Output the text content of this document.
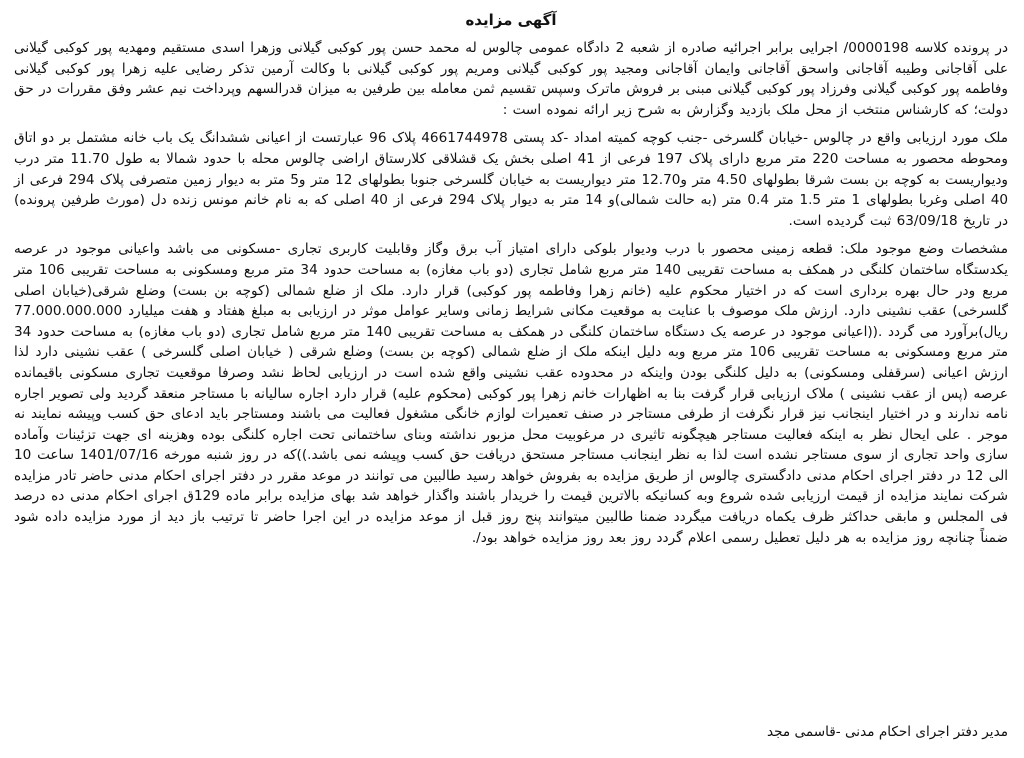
آگهی مزایده

در پرونده کلاسه 0000198/ اجرایی برابر اجرائیه صادره از شعبه 2 دادگاه عمومی چالوس له محمد حسن پور کوکبی گیلانی وزهرا اسدی مستقیم ومهدیه پور کوکبی گیلانی علی آقاجانی وطیبه آقاجانی واسحق آقاجانی وایمان آقاجانی ومجید پور کوکبی گیلانی ومریم پور کوکبی گیلانی با وکالت آرمین تذکر رضایی علیه زهرا پور کوکبی گیلانی وفاطمه پور کوکبی گیلانی وفرزاد پور کوکبی گیلانی مبنی بر فروش ماترک وسپس تقسیم ثمن معامله بین طرفین به میزان قدرالسهم وپرداخت نیم عشر وفق مقررات در حق دولت؛ که کارشناس منتخب از محل ملک بازدید وگزارش به شرح زیر ارائه نموده است :

ملک مورد ارزیابی واقع در چالوس -خیابان گلسرخی -جنب کوچه کمیته امداد -کد پستی 4661744978 پلاک 96 عبارتست از اعیانی ششدانگ یک باب خانه مشتمل بر دو اتاق ومحوطه محصور به مساحت 220 متر مربع دارای پلاک 197 فرعی از 41 اصلی بخش یک قشلاقی کلارستاق اراضی چالوس محله با حدود شمالا به طول 11.70 متر درب ودیواریست به کوچه بن بست شرقا بطولهای 4.50 متر و12.70 متر دیواریست به خیابان گلسرخی جنوبا بطولهای 12 متر و5 متر به دیوار زمین متصرفی پلاک 294 فرعی از 40 اصلی وغربا بطولهای 1 متر 1.5 متر 0.4 متر (به حالت شمالی)و 14 متر به دیوار پلاک 294 فرعی از 40 اصلی که به نام خانم مونس زنده دل (مورث طرفین پرونده) در تاریخ 63/09/18 ثبت گردیده است.

مشخصات وضع موجود ملک: قطعه زمینی محصور با درب ودیوار بلوکی دارای امتیاز آب برق وگاز وقابلیت کاربری تجاری -مسکونی می باشد واعیانی موجود در عرصه یکدستگاه ساختمان کلنگی در همکف به مساحت تقریبی 140 متر مربع شامل تجاری (دو باب مغازه) به مساحت حدود 34 متر مربع ومسکونی به مساحت تقریبی 106 متر مربع ودر حال بهره برداری است که در اختیار محکوم علیه (خانم زهرا وفاطمه پور کوکبی) قرار دارد. ملک از ضلع شمالی (کوچه بن بست) وضلع شرقی(خیابان اصلی گلسرخی) عقب نشینی دارد. ارزش ملک موصوف با عنایت به موقعیت مکانی شرایط زمانی وسایر عوامل موثر در ارزیابی به مبلغ هفتاد و هفت میلیارد 77.000.000.000 ریال)برآورد می گردد .((اعیانی موجود در عرصه یک دستگاه ساختمان کلنگی در همکف به مساحت تقریبی 140 متر مربع شامل تجاری (دو باب مغازه) به مساحت حدود 34 متر مربع ومسکونی به مساحت تقریبی 106 متر مربع وبه دلیل اینکه ملک از ضلع شمالی (کوچه بن بست) وضلع شرقی ( خیابان اصلی گلسرخی ) عقب نشینی دارد لذا ارزش اعیانی (سرقفلی ومسکونی) به دلیل کلنگی بودن واینکه در محدوده عقب نشینی واقع شده است در ارزیابی لحاظ نشد وصرفا موقعیت تجاری مسکونی باقیمانده عرصه (پس از عقب نشینی ) ملاک ارزیابی قرار گرفت بنا به اظهارات خانم زهرا پور کوکبی (محکوم علیه) قرار دارد اجاره سالیانه با مستاجر منعقد گردید ولی تصویر اجاره نامه ندارند و در اختیار اینجانب نیز قرار نگرفت از طرفی مستاجر در صنف تعمیرات لوازم خانگی مشغول فعالیت می باشند ومستاجر باید ادعای حق کسب وپیشه نمایند نه موجر . علی ایحال نظر به اینکه فعالیت مستاجر هیچگونه تاثیری در مرغوبیت محل مزبور نداشته وبنای ساختمانی تحت اجاره کلنگی بوده وهزینه ای جهت تزئینات وآماده سازی واحد تجاری از سوی مستاجر نشده است لذا به نظر اینجانب مستاجر مستحق دریافت حق کسب وپیشه نمی باشد.))که در روز شنبه مورخه 1401/07/16 ساعت 10 الی 12 در دفتر اجرای احکام مدنی دادگستری چالوس از طریق مزایده به بفروش خواهد رسید طالبین می توانند در موعد مقرر در دفتر اجرای احکام مدنی حاضر تادر مزایده شرکت نمایند مزایده از قیمت ارزیابی شده شروع وبه کسانیکه بالاترین قیمت را خریدار باشند واگذار خواهد شد بهای مزایده برابر ماده 129ق اجرای احکام مدنی ده درصد فی المجلس و مابقی حداکثر ظرف یکماه دریافت میگردد ضمنا طالبین میتوانند پنج روز قبل از موعد مزایده در این اجرا حاضر تا ترتیب باز دید از مورد مزایده داده شود ضمناً چنانچه روز مزایده به هر دلیل تعطیل رسمی اعلام گردد روز بعد روز مزایده خواهد بود/.

مدیر دفتر اجرای احکام مدنی -قاسمی مجد
